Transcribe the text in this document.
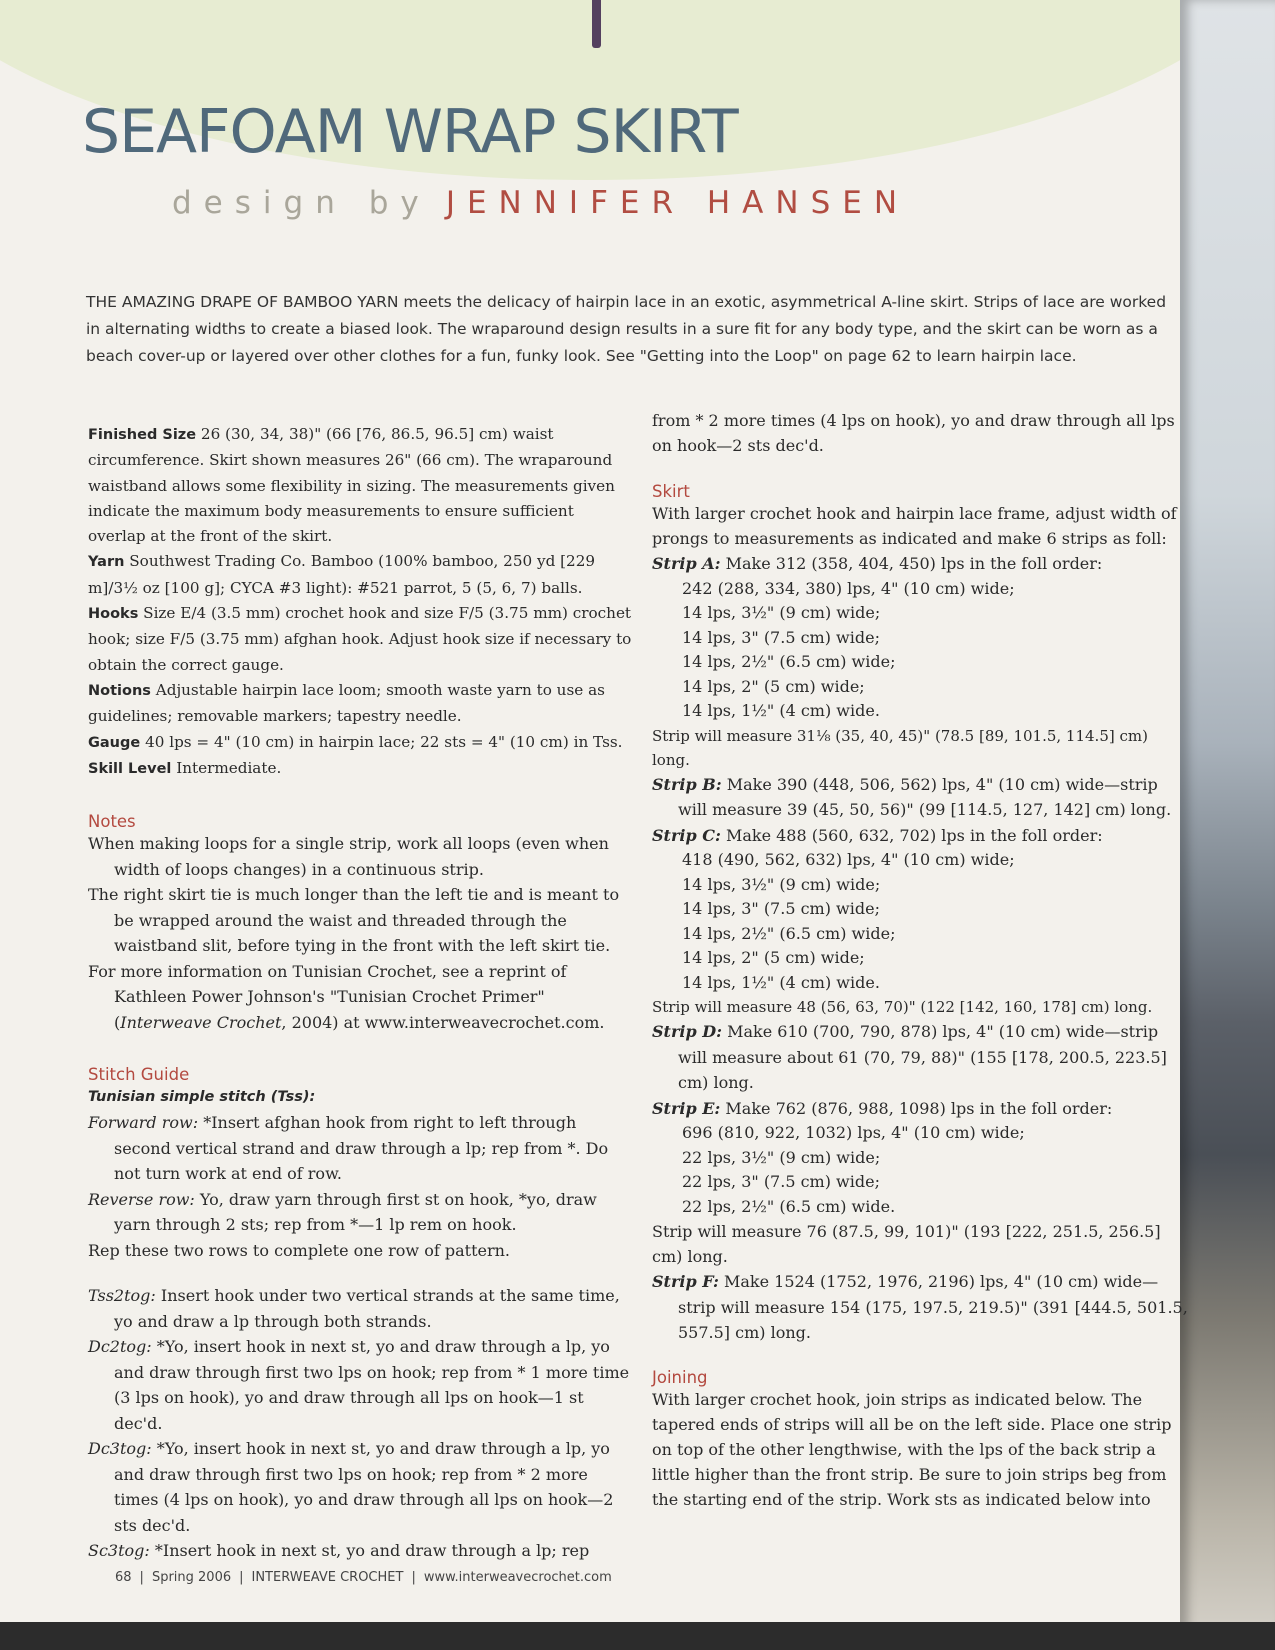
SEAFOAM WRAP SKIRT
design by JENNIFER HANSEN

THE AMAZING DRAPE OF BAMBOO YARN meets the delicacy of hairpin lace in an exotic, asymmetrical A-line skirt. Strips of lace are worked in alternating widths to create a biased look. The wraparound design results in a sure fit for any body type, and the skirt can be worn as a beach cover-up or layered over other clothes for a fun, funky look. See "Getting into the Loop" on page 62 to learn hairpin lace.

Finished Size 26 (30, 34, 38)" (66 [76, 86.5, 96.5] cm) waist circumference. Skirt shown measures 26" (66 cm). The wraparound waistband allows some flexibility in sizing. The measurements given indicate the maximum body measurements to ensure sufficient overlap at the front of the skirt.

Yarn Southwest Trading Co. Bamboo (100% bamboo, 250 yd [229 m]/3½ oz [100 g]; CYCA #3 light): #521 parrot, 5 (5, 6, 7) balls.

Hooks Size E/4 (3.5 mm) crochet hook and size F/5 (3.75 mm) crochet hook; size F/5 (3.75 mm) afghan hook. Adjust hook size if necessary to obtain the correct gauge.

Notions Adjustable hairpin lace loom; smooth waste yarn to use as guidelines; removable markers; tapestry needle.

Gauge 40 lps = 4" (10 cm) in hairpin lace; 22 sts = 4" (10 cm) in Tss.

Skill Level Intermediate.

Notes

When making loops for a single strip, work all loops (even when width of loops changes) in a continuous strip.

The right skirt tie is much longer than the left tie and is meant to be wrapped around the waist and threaded through the waistband slit, before tying in the front with the left skirt tie.

For more information on Tunisian Crochet, see a reprint of Kathleen Power Johnson's "Tunisian Crochet Primer" (Interweave Crochet, 2004) at www.interweavecrochet.com.

Stitch Guide

Tunisian simple stitch (Tss):

Forward row: *Insert afghan hook from right to left through second vertical strand and draw through a lp; rep from *. Do not turn work at end of row.

Reverse row: Yo, draw yarn through first st on hook, *yo, draw yarn through 2 sts; rep from *—1 lp rem on hook.

Rep these two rows to complete one row of pattern.

Tss2tog: Insert hook under two vertical strands at the same time, yo and draw a lp through both strands.

Dc2tog: *Yo, insert hook in next st, yo and draw through a lp, yo and draw through first two lps on hook; rep from * 1 more time (3 lps on hook), yo and draw through all lps on hook—1 st dec'd.

Dc3tog: *Yo, insert hook in next st, yo and draw through a lp, yo and draw through first two lps on hook; rep from * 2 more times (4 lps on hook), yo and draw through all lps on hook—2 sts dec'd.

Sc3tog: *Insert hook in next st, yo and draw through a lp; rep

from * 2 more times (4 lps on hook), yo and draw through all lps on hook—2 sts dec'd.

Skirt

With larger crochet hook and hairpin lace frame, adjust width of prongs to measurements as indicated and make 6 strips as foll:

Strip A: Make 312 (358, 404, 450) lps in the foll order:

242 (288, 334, 380) lps, 4" (10 cm) wide;

14 lps, 3½" (9 cm) wide;

14 lps, 3" (7.5 cm) wide;

14 lps, 2½" (6.5 cm) wide;

14 lps, 2" (5 cm) wide;

14 lps, 1½" (4 cm) wide.

Strip will measure 31⅛ (35, 40, 45)" (78.5 [89, 101.5, 114.5] cm) long.

Strip B: Make 390 (448, 506, 562) lps, 4" (10 cm) wide—strip will measure 39 (45, 50, 56)" (99 [114.5, 127, 142] cm) long.

Strip C: Make 488 (560, 632, 702) lps in the foll order:

418 (490, 562, 632) lps, 4" (10 cm) wide;

14 lps, 3½" (9 cm) wide;

14 lps, 3" (7.5 cm) wide;

14 lps, 2½" (6.5 cm) wide;

14 lps, 2" (5 cm) wide;

14 lps, 1½" (4 cm) wide.

Strip will measure 48 (56, 63, 70)" (122 [142, 160, 178] cm) long.

Strip D: Make 610 (700, 790, 878) lps, 4" (10 cm) wide—strip will measure about 61 (70, 79, 88)" (155 [178, 200.5, 223.5] cm) long.

Strip E: Make 762 (876, 988, 1098) lps in the foll order:

696 (810, 922, 1032) lps, 4" (10 cm) wide;

22 lps, 3½" (9 cm) wide;

22 lps, 3" (7.5 cm) wide;

22 lps, 2½" (6.5 cm) wide.

Strip will measure 76 (87.5, 99, 101)" (193 [222, 251.5, 256.5] cm) long.

Strip F: Make 1524 (1752, 1976, 2196) lps, 4" (10 cm) wide—strip will measure 154 (175, 197.5, 219.5)" (391 [444.5, 501.5, 557.5] cm) long.

Joining

With larger crochet hook, join strips as indicated below. The tapered ends of strips will all be on the left side. Place one strip on top of the other lengthwise, with the lps of the back strip a little higher than the front strip. Be sure to join strips beg from the starting end of the strip. Work sts as indicated below into

68 | Spring 2006 | INTERWEAVE CROCHET | www.interweavecrochet.com
